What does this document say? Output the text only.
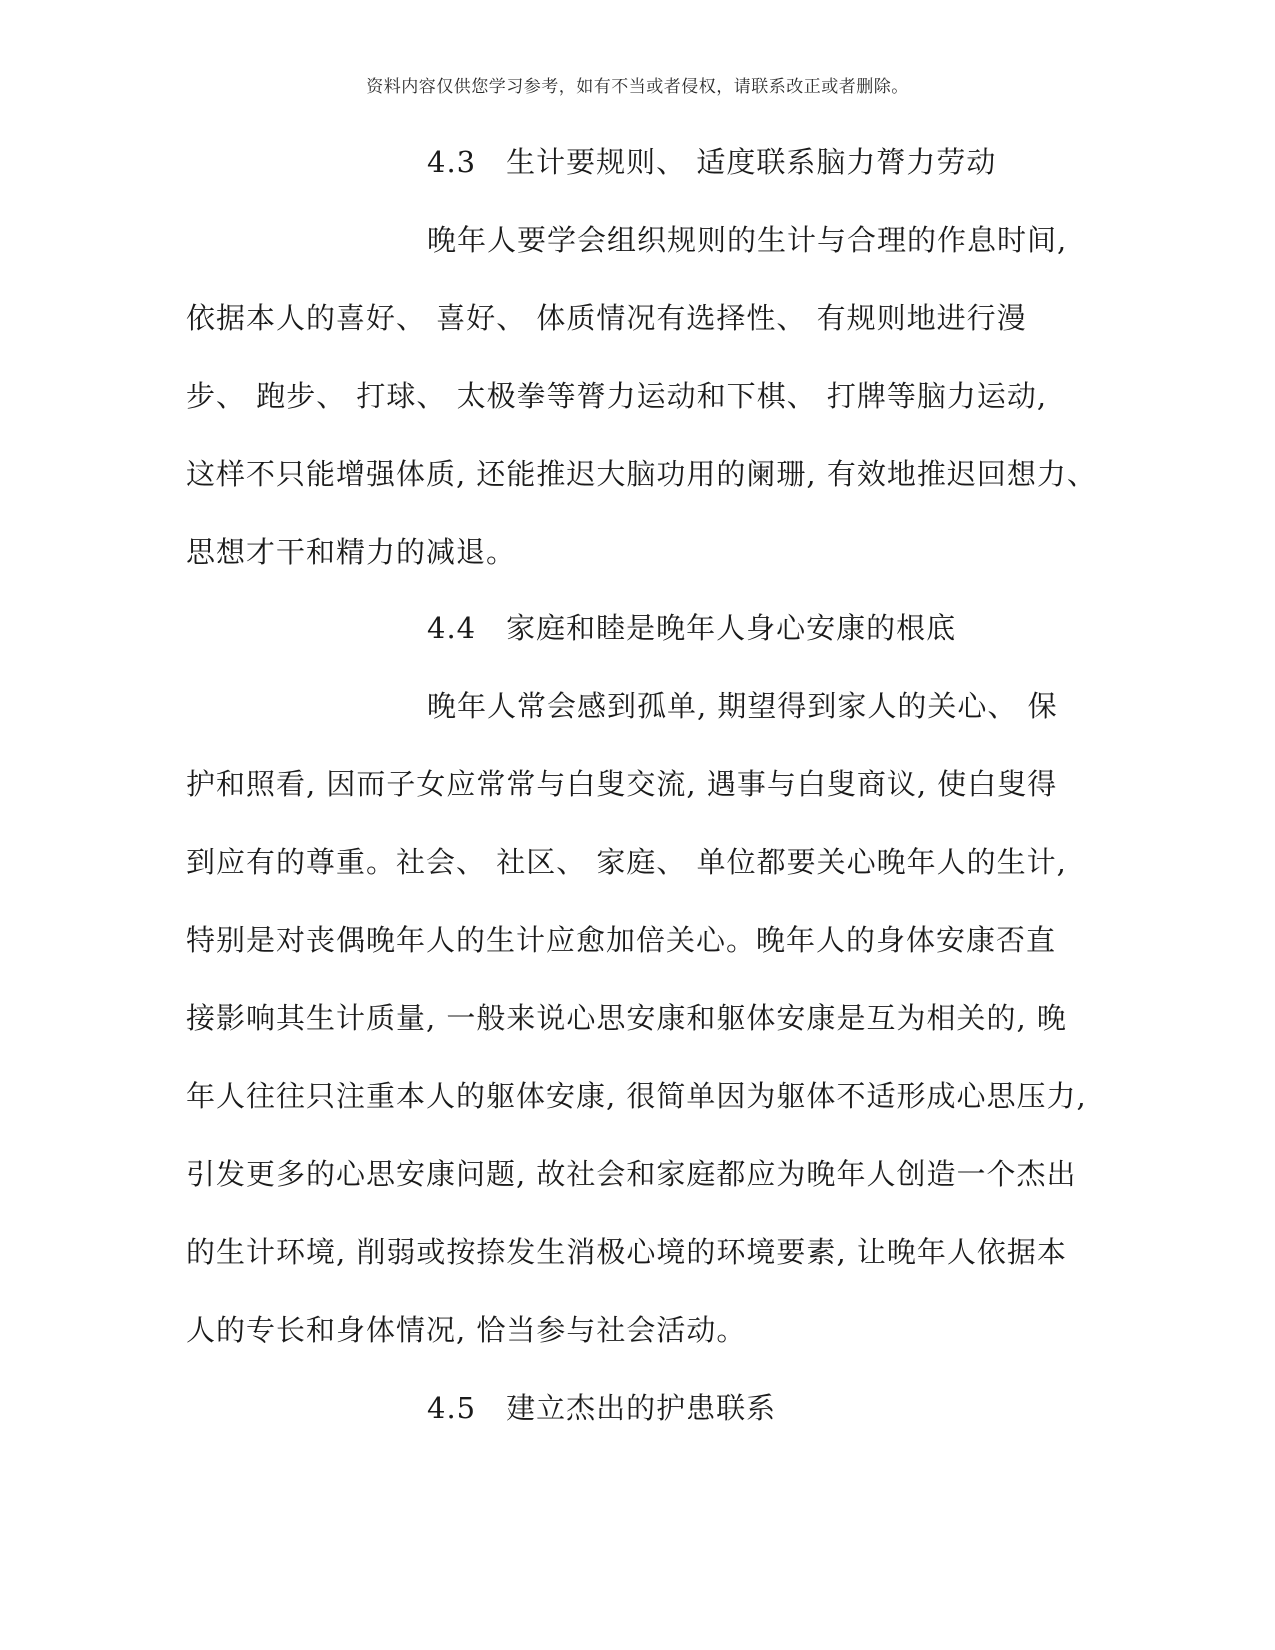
资料内容仅供您学习参考，如有不当或者侵权，请联系改正或者删除。
4.3　生计要规则、 适度联系脑力膂力劳动
晚年人要学会组织规则的生计与合理的作息时间,
依据本人的喜好、 喜好、 体质情况有选择性、 有规则地进行漫
步、 跑步、 打球、 太极拳等膂力运动和下棋、 打牌等脑力运动,
这样不只能增强体质, 还能推迟大脑功用的阑珊, 有效地推迟回想力、
思想才干和精力的减退。
4.4　家庭和睦是晚年人身心安康的根底
晚年人常会感到孤单, 期望得到家人的关心、 保
护和照看, 因而子女应常常与白叟交流, 遇事与白叟商议, 使白叟得
到应有的尊重。社会、 社区、 家庭、 单位都要关心晚年人的生计,
特别是对丧偶晚年人的生计应愈加倍关心。晚年人的身体安康否直
接影响其生计质量, 一般来说心思安康和躯体安康是互为相关的, 晚
年人往往只注重本人的躯体安康, 很简单因为躯体不适形成心思压力,
引发更多的心思安康问题, 故社会和家庭都应为晚年人创造一个杰出
的生计环境, 削弱或按捺发生消极心境的环境要素, 让晚年人依据本
人的专长和身体情况, 恰当参与社会活动。
4.5　建立杰出的护患联系
